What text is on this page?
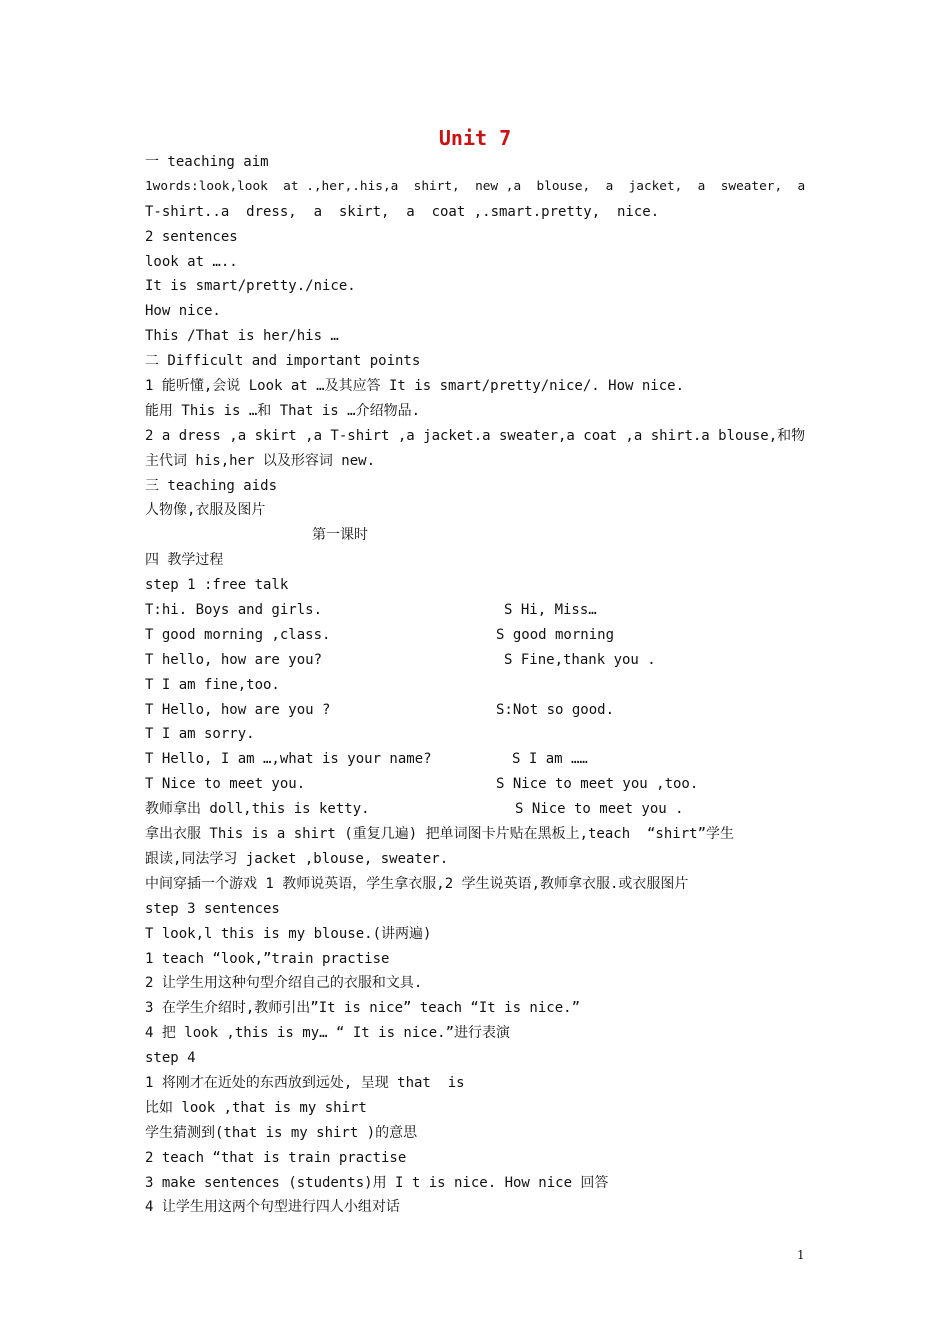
Unit 7
一 teaching aim
1words:look,look  at .,her,.his,a  shirt,  new ,a  blouse,  a  jacket,  a  sweater,  a
T-shirt..a  dress,  a  skirt,  a  coat ,.smart.pretty,  nice.
2 sentences
look at …..
It is smart/pretty./nice.
How nice.
This /That is her/his …
二 Difficult and important points
1 能听懂,会说 Look at …及其应答 It is smart/pretty/nice/. How nice.
能用 This is …和 That is …介绍物品.
2 a dress ,a skirt ,a T-shirt ,a jacket.a sweater,a coat ,a shirt.a blouse,和物
主代词 his,her 以及形容词 new.
三 teaching aids
人物像,衣服及图片
第一课时
四 教学过程
step 1 :free talk
T:hi. Boys and girls.	S Hi, Miss…
T good morning ,class.	S good morning
T hello, how are you?	S Fine,thank you .
T I am fine,too.
T Hello, how are you ?	S:Not so good.
T I am sorry.
T Hello, I am …,what is your name?	S I am ……
T Nice to meet you.	S Nice to meet you ,too.
教师拿出 doll,this is ketty.	S Nice to meet you .
拿出衣服 This is a shirt (重复几遍) 把单词图卡片贴在黑板上,teach  “shirt”学生
跟读,同法学习 jacket ,blouse, sweater.
中间穿插一个游戏 1 教师说英语，学生拿衣服,2 学生说英语,教师拿衣服.或衣服图片
step 3 sentences
T look,l this is my blouse.(讲两遍)
1 teach “look,”train practise
2 让学生用这种句型介绍自己的衣服和文具.
3 在学生介绍时,教师引出”It is nice” teach “It is nice.”
4 把 look ,this is my… “ It is nice.”进行表演
step 4
1 将刚才在近处的东西放到远处, 呈现 that  is
比如 look ,that is my shirt
学生猜测到(that is my shirt )的意思
2 teach “that is train practise
3 make sentences (students)用 I t is nice. How nice 回答
4 让学生用这两个句型进行四人小组对话
1
